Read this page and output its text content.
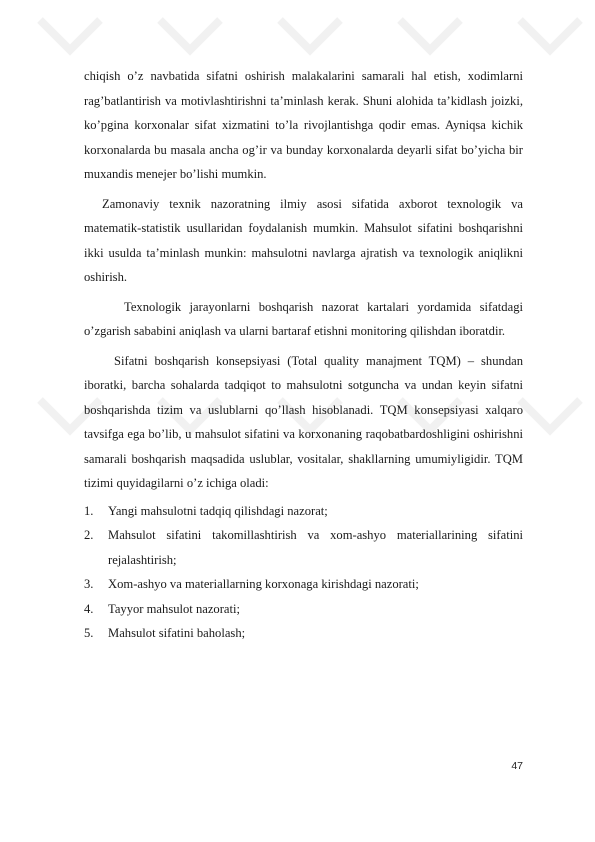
chiqish o’z navbatida sifatni oshirish malakalarini samarali hal etish, xodimlarni rag’batlantirish va motivlashtirishni ta’minlash kerak. Shuni alohida ta’kidlash joizki, ko’pgina korxonalar sifat xizmatini to’la rivojlantishga qodir emas. Ayniqsa kichik korxonalarda bu masala ancha og’ir va bunday korxonalarda deyarli sifat bo’yicha bir muxandis menejer bo’lishi mumkin.

Zamonaviy texnik nazoratning ilmiy asosi sifatida axborot texnologik va matematik-statistik usullaridan foydalanish mumkin. Mahsulot sifatini boshqarishni ikki usulda ta’minlash munkin: mahsulotni navlarga ajratish va texnologik aniqlikni oshirish.

Texnologik jarayonlarni boshqarish nazorat kartalari yordamida sifatdagi o’zgarish sababini aniqlash va ularni bartaraf etishni monitoring qilishdan iboratdir.

Sifatni boshqarish konsepsiyasi (Total quality manajment TQM) – shundan iboratki, barcha sohalarda tadqiqot to mahsulotni sotguncha va undan keyin sifatni boshqarishda tizim va uslublarni qo’llash hisoblanadi. TQM konsepsiyasi xalqaro tavsifga ega bo’lib, u mahsulot sifatini va korxonaning raqobatbardoshligini oshirishni samarali boshqarish maqsadida uslublar, vositalar, shakllarning umumiyligidir. TQM tizimi quyidagilarni o’z ichiga oladi:

1. Yangi mahsulotni tadqiq qilishdagi nazorat;
2. Mahsulot sifatini takomillashtirish va xom-ashyo materiallarining sifatini rejalashtirish;
3. Xom-ashyo va materiallarning korxonaga kirishdagi nazorati;
4. Tayyor mahsulot nazorati;
5. Mahsulot sifatini baholash;
47
